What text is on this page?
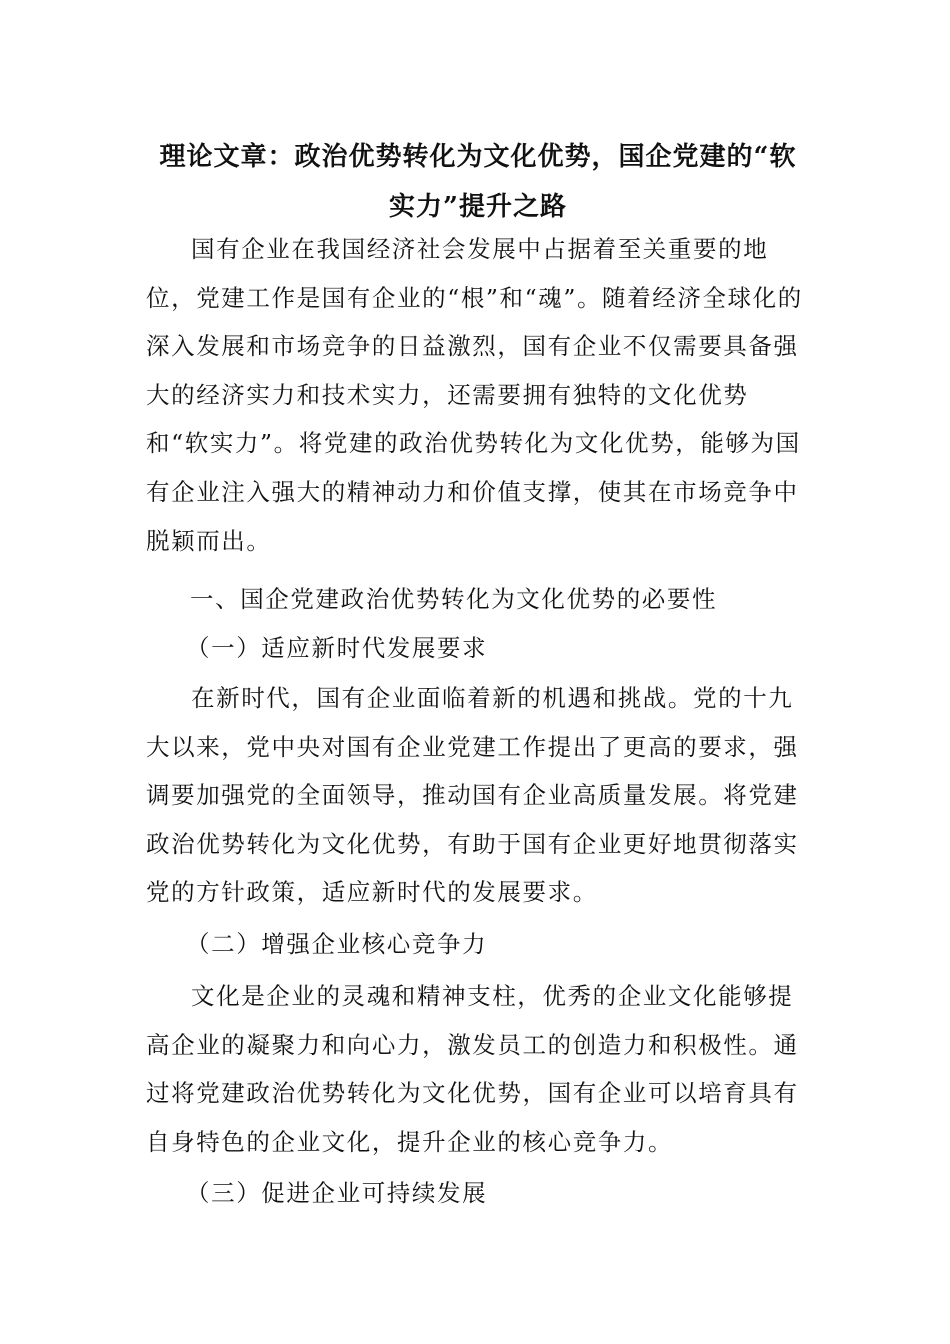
理论文章：政治优势转化为文化优势，国企党建的“软实力”提升之路

国有企业在我国经济社会发展中占据着至关重要的地位，党建工作是国有企业的“根”和“魂”。随着经济全球化的深入发展和市场竞争的日益激烈，国有企业不仅需要具备强大的经济实力和技术实力，还需要拥有独特的文化优势和“软实力”。将党建的政治优势转化为文化优势，能够为国有企业注入强大的精神动力和价值支撑，使其在市场竞争中脱颖而出。

一、国企党建政治优势转化为文化优势的必要性

（一）适应新时代发展要求

在新时代，国有企业面临着新的机遇和挑战。党的十九大以来，党中央对国有企业党建工作提出了更高的要求，强调要加强党的全面领导，推动国有企业高质量发展。将党建政治优势转化为文化优势，有助于国有企业更好地贯彻落实党的方针政策，适应新时代的发展要求。

（二）增强企业核心竞争力

文化是企业的灵魂和精神支柱，优秀的企业文化能够提高企业的凝聚力和向心力，激发员工的创造力和积极性。通过将党建政治优势转化为文化优势，国有企业可以培育具有自身特色的企业文化，提升企业的核心竞争力。

（三）促进企业可持续发展
